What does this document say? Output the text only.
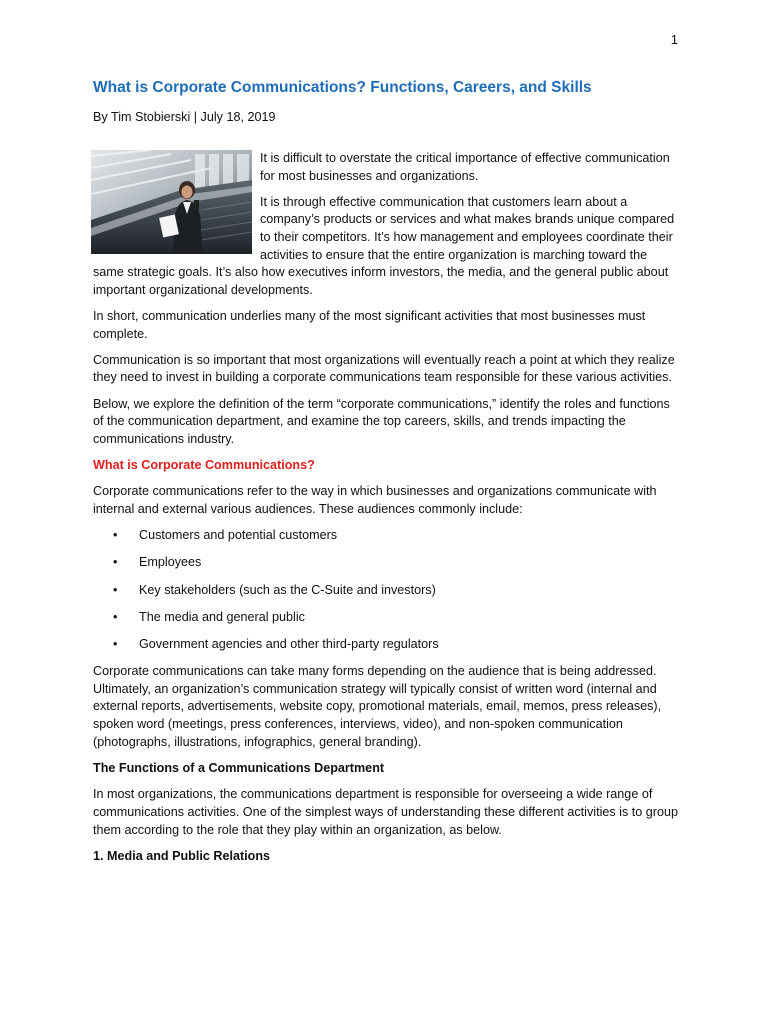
1
What is Corporate Communications? Functions, Careers, and Skills
By Tim Stobierski | July 18, 2019

It is difficult to overstate the critical importance of effective communication for most businesses and organizations.

It is through effective communication that customers learn about a company’s products or services and what makes brands unique compared to their competitors. It’s how management and employees coordinate their activities to ensure that the entire organization is marching toward the same strategic goals. It’s also how executives inform investors, the media, and the general public about important organizational developments.

In short, communication underlies many of the most significant activities that most businesses must complete.

Communication is so important that most organizations will eventually reach a point at which they realize they need to invest in building a corporate communications team responsible for these various activities.

Below, we explore the definition of the term “corporate communications,” identify the roles and functions of the communication department, and examine the top careers, skills, and trends impacting the communications industry.

What is Corporate Communications?

Corporate communications refer to the way in which businesses and organizations communicate with internal and external various audiences. These audiences commonly include:

• Customers and potential customers
• Employees
• Key stakeholders (such as the C-Suite and investors)
• The media and general public
• Government agencies and other third-party regulators

Corporate communications can take many forms depending on the audience that is being addressed. Ultimately, an organization’s communication strategy will typically consist of written word (internal and external reports, advertisements, website copy, promotional materials, email, memos, press releases), spoken word (meetings, press conferences, interviews, video), and non-spoken communication (photographs, illustrations, infographics, general branding).

The Functions of a Communications Department

In most organizations, the communications department is responsible for overseeing a wide range of communications activities. One of the simplest ways of understanding these different activities is to group them according to the role that they play within an organization, as below.

1. Media and Public Relations
